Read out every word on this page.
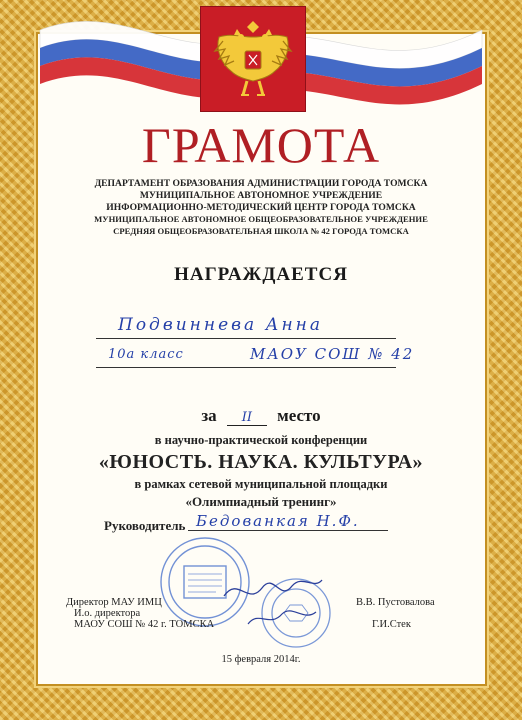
ГРАМОТА
ДЕПАРТАМЕНТ ОБРАЗОВАНИЯ АДМИНИСТРАЦИИ ГОРОДА ТОМСКА
МУНИЦИПАЛЬНОЕ АВТОНОМНОЕ УЧРЕЖДЕНИЕ
ИНФОРМАЦИОННО-МЕТОДИЧЕСКИЙ ЦЕНТР ГОРОДА ТОМСКА
МУНИЦИПАЛЬНОЕ АВТОНОМНОЕ ОБЩЕОБРАЗОВАТЕЛЬНОЕ УЧРЕЖДЕНИЕ
СРЕДНЯЯ ОБЩЕОБРАЗОВАТЕЛЬНАЯ ШКОЛА № 42 ГОРОДА ТОМСКА
НАГРАЖДАЕТСЯ
Подвиннева Анна
10а класс	МАОУ СОШ № 42
за II место
в научно-практической конференции
«ЮНОСТЬ. НАУКА. КУЛЬТУРА»
в рамках сетевой муниципальной площадки
«Олимпиадный тренинг»
Руководитель Бедованкая Н.Ф.
Директор МАУ ИМЦ
И.о. директора
МАОУ СОШ № 42 г. ТОМСКА
В.В. Пустовалова
Г.И.Стек
15 февраля 2014г.
